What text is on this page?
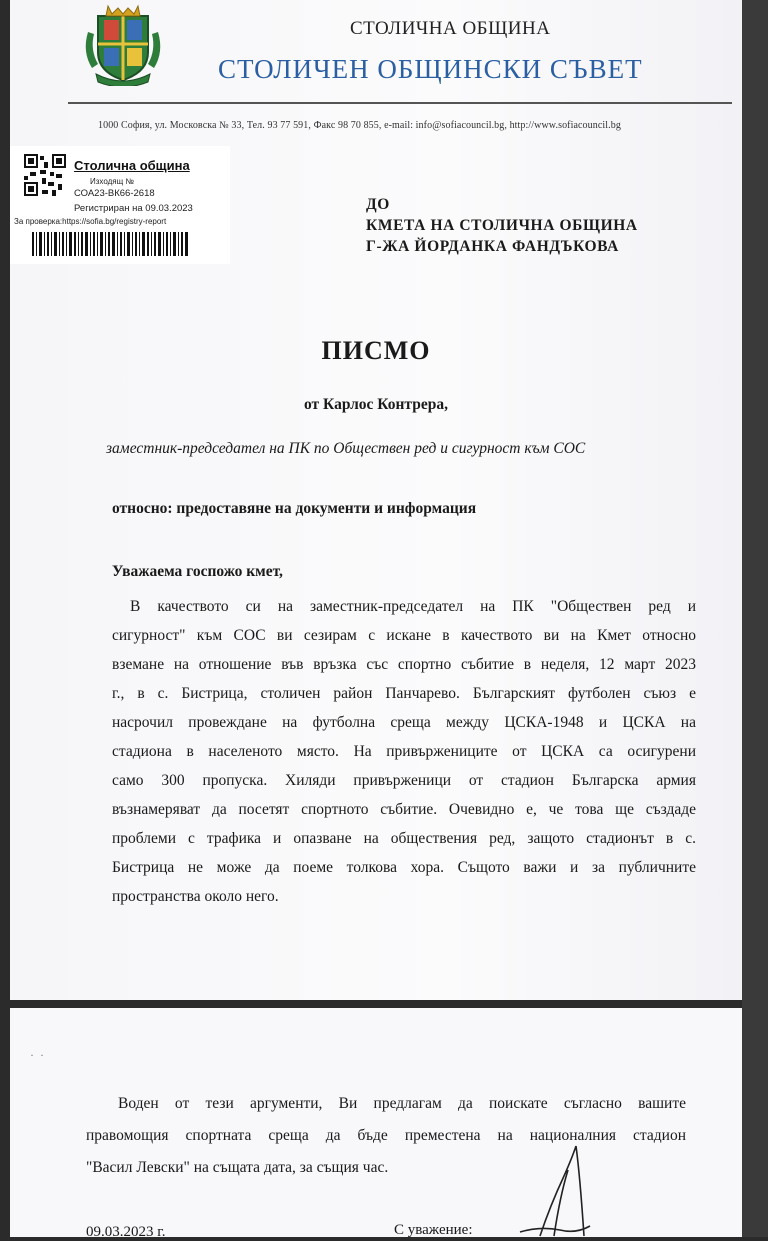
СТОЛИЧНА ОБЩИНА
СТОЛИЧЕН ОБЩИНСКИ СЪВЕТ
1000 София, ул. Московска № 33, Тел. 93 77 591, Факс 98 70 855, e-mail: info@sofiacouncil.bg, http://www.sofiacouncil.bg
Столична община
Изходящ №
СОА23-ВК66-2618
Регистриран на 09.03.2023
За проверка:https://sofia.bg/registry-report
ДО
КМЕТА НА СТОЛИЧНА ОБЩИНА
Г-ЖА ЙОРДАНКА ФАНДЪКОВА
ПИСМО
от Карлос Контрера,
заместник-председател на ПК по Обществен ред и сигурност към СОС
относно: предоставяне на документи и информация
Уважаема госпожо кмет,
В качеството си на заместник-председател на ПК "Обществен ред и
сигурност" към СОС ви сезирам с искане в качеството ви на Кмет относно
вземане на отношение във връзка със спортно събитие в неделя, 12 март 2023
г., в с. Бистрица, столичен район Панчарево. Българският футболен съюз е
насрочил провеждане на футболна среща между ЦСКА-1948 и ЦСКА на
стадиона в населеното място. На привържениците от ЦСКА са осигурени
само 300 пропуска. Хиляди привърженици от стадион Българска армия
възнамеряват да посетят спортното събитие. Очевидно е, че това ще създаде
проблеми с трафика и опазване на обществения ред, защото стадионът в с.
Бистрица не може да поеме толкова хора. Същото важи и за публичните
пространства около него.
·  ·
Воден от тези аргументи, Ви предлагам да поискате съгласно вашите
правомощия спортната среща да бъде преместена на националния стадион
"Васил Левски" на същата дата, за същия час.
09.03.2023 г.	С уважение:
